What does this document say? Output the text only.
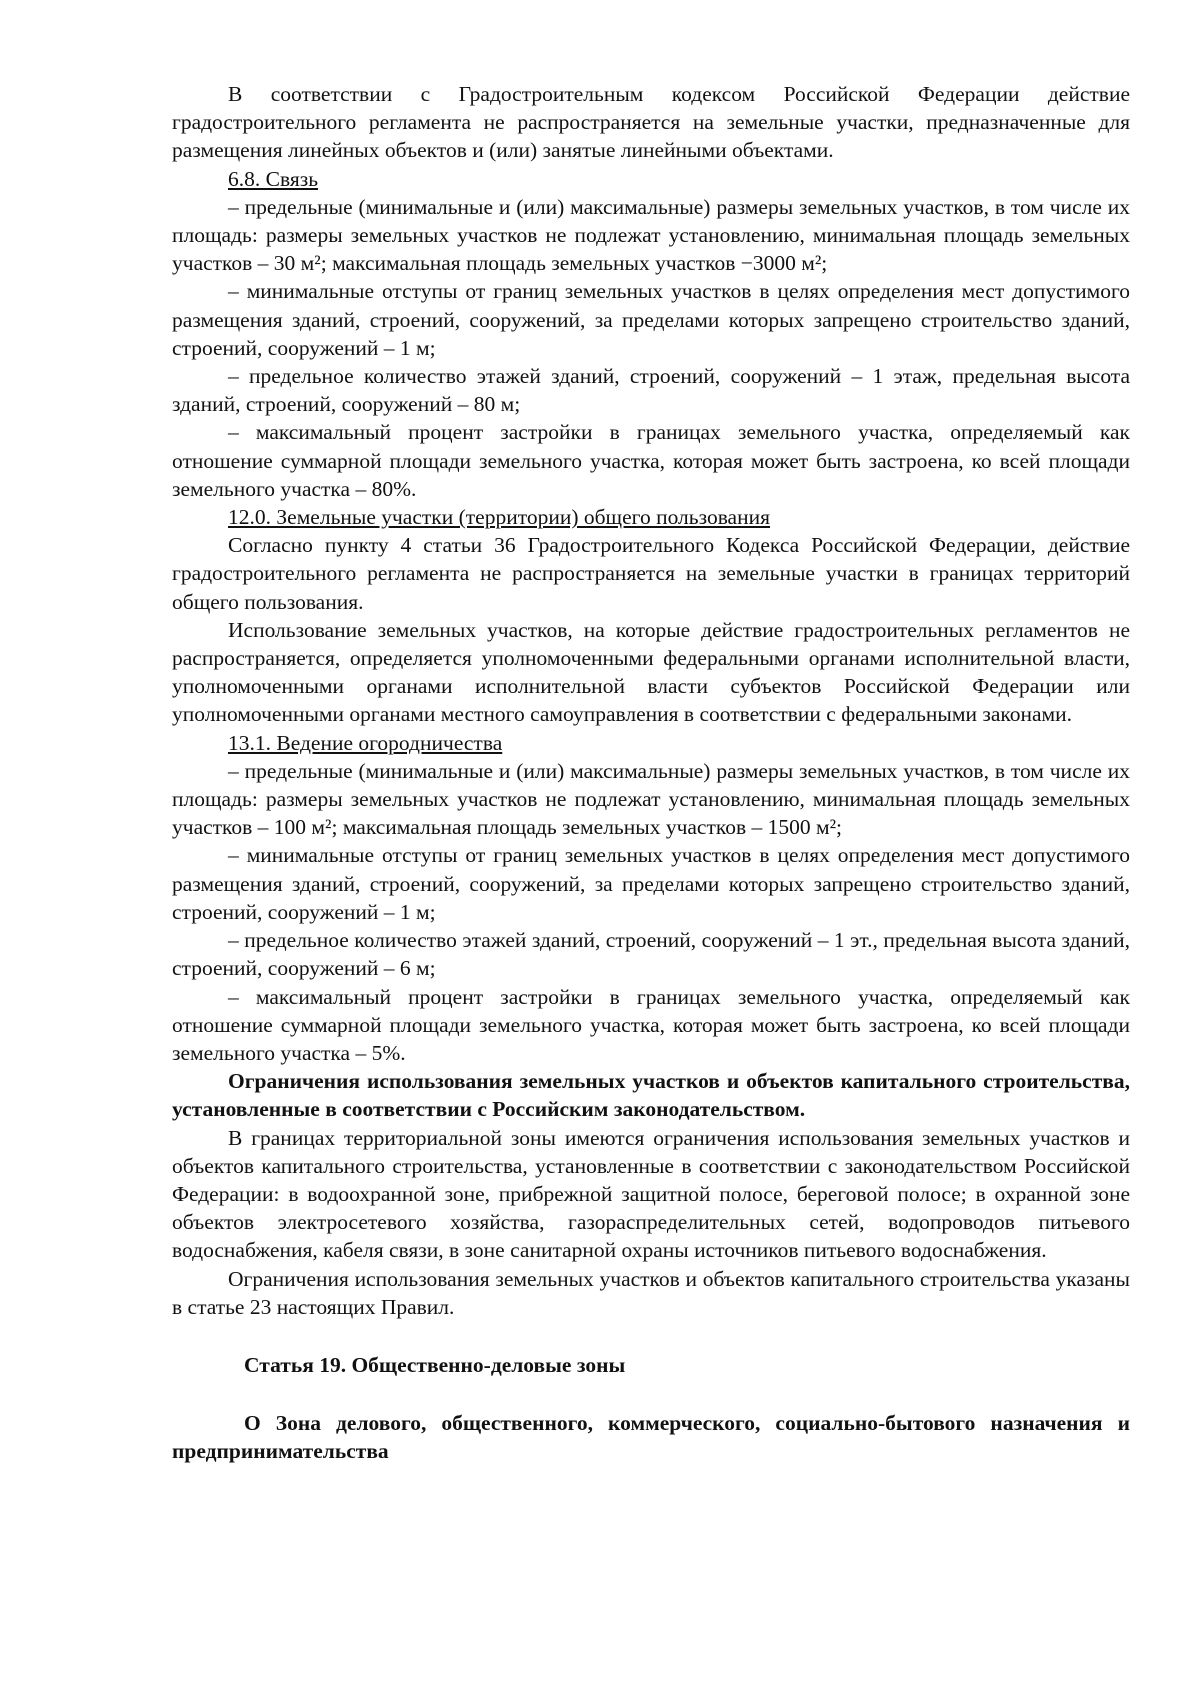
В соответствии с Градостроительным кодексом Российской Федерации действие градостроительного регламента не распространяется на земельные участки, предназначенные для размещения линейных объектов и (или) занятые линейными объектами.

6.8. Связь

– предельные (минимальные и (или) максимальные) размеры земельных участков, в том числе их площадь: размеры земельных участков не подлежат установлению, минимальная площадь земельных участков – 30 м²; максимальная площадь земельных участков −3000 м²;

– минимальные отступы от границ земельных участков в целях определения мест допустимого размещения зданий, строений, сооружений, за пределами которых запрещено строительство зданий, строений, сооружений – 1 м;

– предельное количество этажей зданий, строений, сооружений – 1 этаж, предельная высота зданий, строений, сооружений – 80 м;

– максимальный процент застройки в границах земельного участка, определяемый как отношение суммарной площади земельного участка, которая может быть застроена, ко всей площади земельного участка – 80%.

12.0. Земельные участки (территории) общего пользования

Согласно пункту 4 статьи 36 Градостроительного Кодекса Российской Федерации, действие градостроительного регламента не распространяется на земельные участки в границах территорий общего пользования.

Использование земельных участков, на которые действие градостроительных регламентов не распространяется, определяется уполномоченными федеральными органами исполнительной власти, уполномоченными органами исполнительной власти субъектов Российской Федерации или уполномоченными органами местного самоуправления в соответствии с федеральными законами.

13.1. Ведение огородничества

– предельные (минимальные и (или) максимальные) размеры земельных участков, в том числе их площадь: размеры земельных участков не подлежат установлению, минимальная площадь земельных участков – 100 м²; максимальная площадь земельных участков – 1500 м²;

– минимальные отступы от границ земельных участков в целях определения мест допустимого размещения зданий, строений, сооружений, за пределами которых запрещено строительство зданий, строений, сооружений – 1 м;

– предельное количество этажей зданий, строений, сооружений – 1 эт., предельная высота зданий, строений, сооружений – 6 м;

– максимальный процент застройки в границах земельного участка, определяемый как отношение суммарной площади земельного участка, которая может быть застроена, ко всей площади земельного участка – 5%.

Ограничения использования земельных участков и объектов капитального строительства, установленные в соответствии с Российским законодательством.

В границах территориальной зоны имеются ограничения использования земельных участков и объектов капитального строительства, установленные в соответствии с законодательством Российской Федерации: в водоохранной зоне, прибрежной защитной полосе, береговой полосе; в охранной зоне объектов электросетевого хозяйства, газораспределительных сетей, водопроводов питьевого водоснабжения, кабеля связи, в зоне санитарной охраны источников питьевого водоснабжения.

Ограничения использования земельных участков и объектов капитального строительства указаны в статье 23 настоящих Правил.

Статья 19. Общественно-деловые зоны

О Зона делового, общественного, коммерческого, социально-бытового назначения и предпринимательства
